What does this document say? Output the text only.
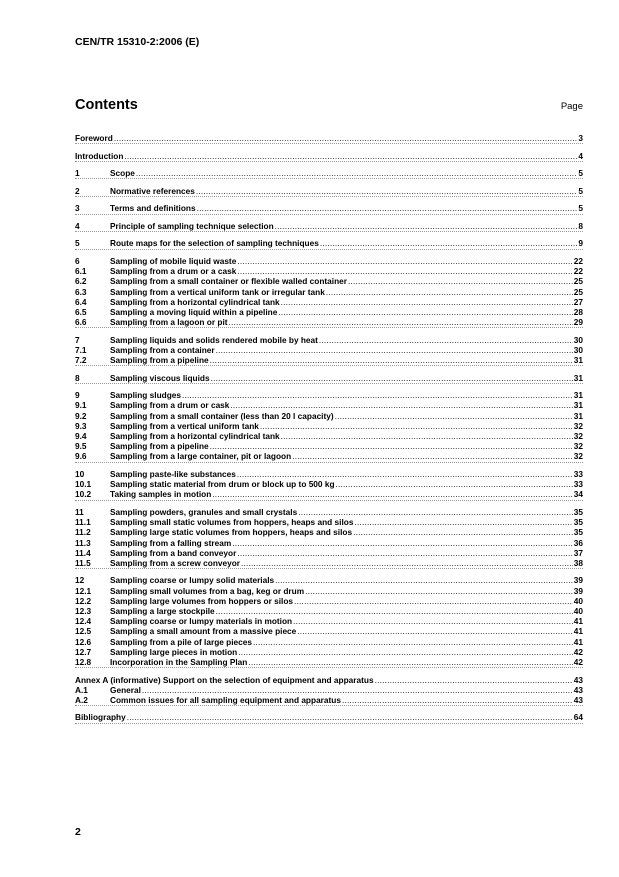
CEN/TR 15310-2:2006 (E)
Contents	Page
Foreword .....	3
Introduction .....	4
1	Scope .....	5
2	Normative references .....	5
3	Terms and definitions .....	5
4	Principle of sampling technique selection .....	8
5	Route maps for the selection of sampling techniques .....	9
6	Sampling of mobile liquid waste .....	22
6.1	Sampling from a drum or a cask .....	22
6.2	Sampling from a small container or flexible walled container .....	25
6.3	Sampling from a vertical uniform tank or irregular tank .....	25
6.4	Sampling from a horizontal cylindrical tank .....	27
6.5	Sampling a moving liquid within a pipeline .....	28
6.6	Sampling from a lagoon or pit .....	29
7	Sampling liquids and solids rendered mobile by heat .....	30
7.1	Sampling from a container .....	30
7.2	Sampling from a pipeline .....	31
8	Sampling viscous liquids .....	31
9	Sampling sludges .....	31
9.1	Sampling from a drum or cask .....	31
9.2	Sampling from a small container (less than 20 l capacity) .....	31
9.3	Sampling from a vertical uniform tank .....	32
9.4	Sampling from a horizontal cylindrical tank .....	32
9.5	Sampling from a pipeline .....	32
9.6	Sampling from a large container, pit or lagoon .....	32
10	Sampling paste-like substances .....	33
10.1	Sampling static material from drum or block up to 500 kg .....	33
10.2	Taking samples in motion .....	34
11	Sampling powders, granules and small crystals .....	35
11.1	Sampling small static volumes from hoppers, heaps and silos .....	35
11.2	Sampling large static volumes from hoppers, heaps and silos .....	35
11.3	Sampling from a falling stream .....	36
11.4	Sampling from a band conveyor .....	37
11.5	Sampling from a screw conveyor .....	38
12	Sampling coarse or lumpy solid materials .....	39
12.1	Sampling small volumes from a bag, keg or drum .....	39
12.2	Sampling large volumes from hoppers or silos .....	40
12.3	Sampling a large stockpile .....	40
12.4	Sampling coarse or lumpy materials in motion .....	41
12.5	Sampling a small amount from a massive piece .....	41
12.6	Sampling from a pile of large pieces .....	41
12.7	Sampling large pieces in motion .....	42
12.8	Incorporation in the Sampling Plan .....	42
Annex A (informative) Support on the selection of equipment and apparatus .....	43
A.1	General .....	43
A.2	Common issues for all sampling equipment and apparatus .....	43
Bibliography .....	64
2
